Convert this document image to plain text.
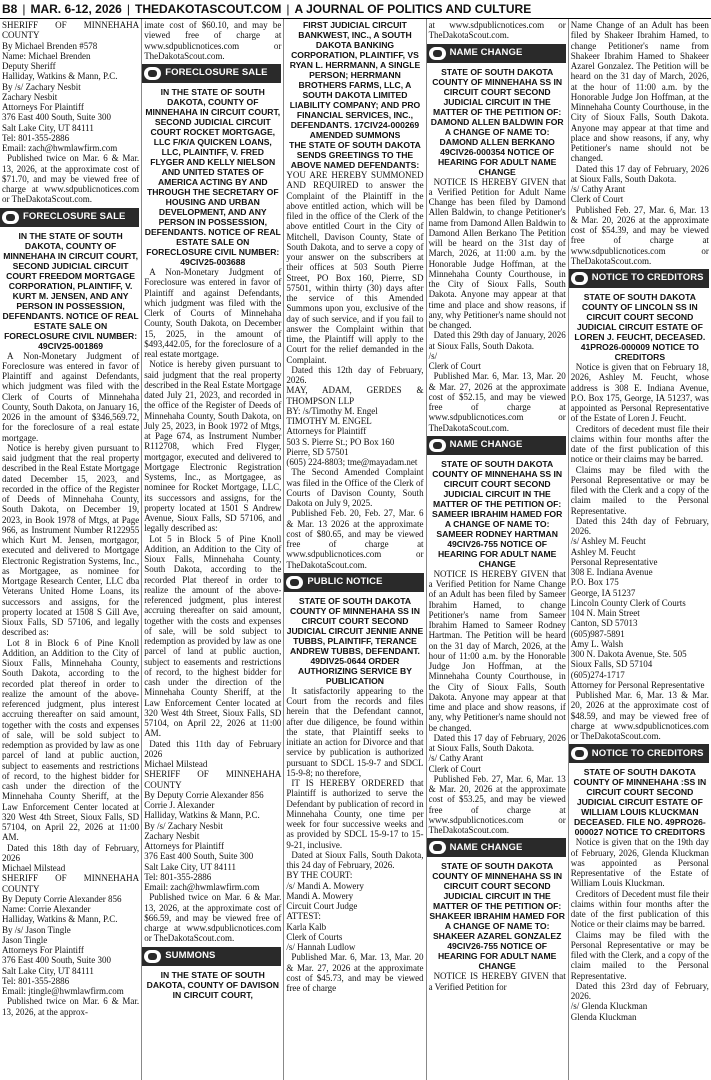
B8 | MAR. 6-12, 2026 | THEDAKOTASCOUT.COM | A JOURNAL OF POLITICS AND CULTURE

SHERIFF OF MINNEHAHA COUNTY

By Michael Brenden #578

Name: Michael Brenden

Deputy Sheriff

Halliday, Watkins & Mann, P.C.

By /s/ Zachary Nesbit

Zachary Nesbit

Attorneys For Plaintiff

376 East 400 South, Suite 300

Salt Lake City, UT 84111

Tel: 801-355-2886

Email: zach@hwmlawfirm.com

Published twice on Mar. 6 & Mar. 13, 2026, at the approximate cost of $71.70, and may be viewed free of charge at www.sdpublicnotices.com or TheDakotaScout.com.

FORECLOSURE SALE

IN THE STATE OF SOUTH DAKOTA, COUNTY OF MINNEHAHA IN CIRCUIT COURT, SECOND JUDICIAL CIRCUIT COURT FREEDOM MORTGAGE CORPORATION, PLAINTIFF, V. KURT M. JENSEN, AND ANY PERSON IN POSSESSION, DEFENDANTS. NOTICE OF REAL ESTATE SALE ON FORECLOSURE CIVIL NUMBER: 49CIV25-001869

A Non-Monetary Judgment of Foreclosure was entered in favor of Plaintiff and against Defendants, which judgment was filed with the Clerk of Courts of Minnehaha County, South Dakota, on January 16, 2026 in the amount of $346,569.72, for the foreclosure of a real estate mortgage.

Notice is hereby given pursuant to said judgment that the real property described in the Real Estate Mortgage dated December 15, 2023, and recorded in the office of the Register of Deeds of Minnehaha County, South Dakota, on December 19, 2023, in Book 1978 of Mtgs, at Page 966, as Instrument Number R122955 which Kurt M. Jensen, mortgagor, executed and delivered to Mortgage Electronic Registration Systems, Inc., as Mortgagee, as nominee for Mortgage Research Center, LLC dba Veterans United Home Loans, its successors and assigns, for the property located at 1508 S Gill Ave, Sioux Falls, SD 57106, and legally described as:

Lot 8 in Block 6 of Pine Knoll Addition, an Addition to the City of Sioux Falls, Minnehaha County, South Dakota, according to the recorded plat thereof in order to realize the amount of the above-referenced judgment, plus interest accruing thereafter on said amount, together with the costs and expenses of sale, will be sold subject to redemption as provided by law as one parcel of land at public auction, subject to easements and restrictions of record, to the highest bidder for cash under the direction of the Minnehaha County Sheriff, at the Law Enforcement Center located at 320 West 4th Street, Sioux Falls, SD 57104, on April 22, 2026 at 11:00 AM.

Dated this 18th day of February, 2026

Michael Milstead

SHERIFF OF MINNEHAHA COUNTY

By Deputy Corrie Alexander 856

Name: Corrie Alexander

Halliday, Watkins & Mann, P.C.

By /s/ Jason Tingle

Jason Tingle

Attorneys For Plaintiff

376 East 400 South, Suite 300

Salt Lake City, UT 84111

Tel: 801-355-2886

Email: jtingle@hwmlawfirm.com

Published twice on Mar. 6 & Mar. 13, 2026, at the approx-

imate cost of $60.10, and may be viewed free of charge at www.sdpublicnotices.com or TheDakotaScout.com.

FORECLOSURE SALE

IN THE STATE OF SOUTH DAKOTA, COUNTY OF MINNEHAHA IN CIRCUIT COURT, SECOND JUDICIAL CIRCUIT COURT ROCKET MORTGAGE, LLC F/K/A QUICKEN LOANS, LLC, PLAINTIFF, V. FRED FLYGER AND KELLY NIELSON AND UNITED STATES OF AMERICA ACTING BY AND THROUGH THE SECRETARY OF HOUSING AND URBAN DEVELOPMENT, AND ANY PERSON IN POSSESSION, DEFENDANTS. NOTICE OF REAL ESTATE SALE ON FORECLOSURE CIVIL NUMBER: 49CIV25-003688

A Non-Monetary Judgment of Foreclosure was entered in favor of Plaintiff and against Defendants, which judgment was filed with the Clerk of Courts of Minnehaha County, South Dakota, on December 15, 2025, in the amount of $493,442.05, for the foreclosure of a real estate mortgage.

Notice is hereby given pursuant to said judgment that the real property described in the Real Estate Mortgage dated July 21, 2023, and recorded in the office of the Register of Deeds of Minnehaha County, South Dakota, on July 25, 2023, in Book 1972 of Mtgs, at Page 674, as Instrument Number R112708, which Fred Flyger, mortgagor, executed and delivered to Mortgage Electronic Registration Systems, Inc., as Mortgagee, as nominee for Rocket Mortgage, LLC, its successors and assigns, for the property located at 1501 S Andrew Avenue, Sioux Falls, SD 57106, and legally described as:

Lot 5 in Block 5 of Pine Knoll Addition, an Addition to the City of Sioux Falls, Minnehaha County, South Dakota, according to the recorded Plat thereof in order to realize the amount of the above-referenced judgment, plus interest accruing thereafter on said amount, together with the costs and expenses of sale, will be sold subject to redemption as provided by law as one parcel of land at public auction, subject to easements and restrictions of record, to the highest bidder for cash under the direction of the Minnehaha County Sheriff, at the Law Enforcement Center located at 320 West 4th Street, Sioux Falls, SD 57104, on April 22, 2026 at 11:00 AM.

Dated this 11th day of February 2026

Michael Milstead

SHERIFF OF MINNEHAHA COUNTY

By Deputy Corrie Alexander 856

Corrie J. Alexander

Halliday, Watkins & Mann, P.C.

By /s/ Zachary Nesbit

Zachary Nesbit

Attorneys for Plaintiff

376 East 400 South, Suite 300

Salt Lake City, UT 84111

Tel: 801-355-2886

Email: zach@hwmlawfirm.com

Published twice on Mar. 6 & Mar. 13, 2026, at the approximate cost of $66.59, and may be viewed free of charge at www.sdpublicnotices.com or TheDakotaScout.com.

SUMMONS

IN THE STATE OF SOUTH DAKOTA, COUNTY OF DAVISON IN CIRCUIT COURT,

FIRST JUDICIAL CIRCUIT BANKWEST, INC., A SOUTH DAKOTA BANKING CORPORATION, PLAINTIFF, VS RYAN L. HERRMANN, A SINGLE PERSON; HERRMANN BROTHERS FARMS, LLC, A SOUTH DAKOTA LIMITED LIABILITY COMPANY; AND PRO FINANCIAL SERVICES, INC., DEFENDANTS. 17CIV24-000269 AMENDED SUMMONS

THE STATE OF SOUTH DAKOTA SENDS GREETINGS TO THE ABOVE NAMED DEFENDANTS:

YOU ARE HEREBY SUMMONED AND REQUIRED to answer the Complaint of the Plaintiff in the above entitled action, which will be filed in the office of the Clerk of the above entitled Court in the City of Mitchell, Davison County, State of South Dakota, and to serve a copy of your answer on the subscribers at their offices at 503 South Pierre Street, PO Box 160, Pierre, SD 57501, within thirty (30) days after the service of this Amended Summons upon you, exclusive of the day of such service, and if you fail to answer the Complaint within that time, the Plaintiff will apply to the Court for the relief demanded in the Complaint.

Dated this 12th day of February, 2026.

MAY, ADAM, GERDES & THOMPSON LLP

BY: /s/Timothy M. Engel

TIMOTHY M. ENGEL

Attorneys for Plaintiff

503 S. Pierre St.; PO Box 160

Pierre, SD 57501

(605) 224-8803; tme@mayadam.net

The Second Amended Complaint was filed in the Office of the Clerk of Courts of Davison County, South Dakota on July 9, 2025.

Published Feb. 20, Feb. 27, Mar. 6 & Mar. 13 2026 at the approximate cost of $80.65, and may be viewed free of charge at www.sdpublicnotices.com or TheDakotaScout.com.

PUBLIC NOTICE

STATE OF SOUTH DAKOTA COUNTY OF MINNEHAHA SS IN CIRCUIT COURT SECOND JUDICIAL CIRCUIT JENNIE ANNE TUBBS, PLAINTIFF, TERANCE ANDREW TUBBS, DEFENDANT. 49DIV25-0644 ORDER AUTHORIZING SERVICE BY PUBLICATION

It satisfactorily appearing to the Court from the records and files herein that the Defendant cannot, after due diligence, be found within the state, that Plaintiff seeks to initiate an action for Divorce and that service by publication is authorized pursuant to SDCL 15-9-7 and SDCL 15-9-8; no therefore,

IT IS HEREBY ORDERED that Plaintiff is authorized to serve the Defendant by publication of record in Minnehaha County, one time per week for four successive weeks and as provided by SDCL 15-9-17 to 15-9-21, inclusive.

Dated at Sioux Falls, South Dakota, this 24 day of February, 2026.

BY THE COURT:

/s/ Mandi A. Mowery

Mandi A. Mowery

Circuit Court Judge

ATTEST:

Karla Kalb

Clerk of Courts

/s/ Hannah Ludlow

Published Mar. 6, Mar. 13, Mar. 20 & Mar. 27, 2026 at the approximate cost of $45.73, and may be viewed free of charge

at www.sdpublicnotices.com or TheDakotaScout.com.

NAME CHANGE

STATE OF SOUTH DAKOTA COUNTY OF MINNEHAHA SS IN CIRCUIT COURT SECOND JUDICIAL CIRCUIT IN THE MATTER OF THE PETITION OF: DAMOND ALLEN BALDWIN FOR A CHANGE OF NAME TO: DAMOND ALLEN BERKANO 49CIV26-000354 NOTICE OF HEARING FOR ADULT NAME CHANGE

NOTICE IS HEREBY GIVEN that a Verified Petition for Adult Name Change has been filed by Damond Allen Baldwin, to change Petitioner's name from Damond Allen Baldwin to Damond Allen Berkano The Petition will be heard on the 31st day of March, 2026, at 11:00 a.m. by the Honorable Judge Hoffman, at the Minnehaha County Courthouse, in the City of Sioux Falls, South Dakota. Anyone may appear at that time and place and show reasons, if any, why Petitioner's name should not be changed.

Dated this 29th day of January, 2026 at Sioux Falls, South Dakota.

/s/

Clerk of Court

Published Mar. 6, Mar. 13, Mar. 20 & Mar. 27, 2026 at the approximate cost of $52.15, and may be viewed free of charge at www.sdpublicnotices.com or TheDakotaScout.com.

NAME CHANGE

STATE OF SOUTH DAKOTA COUNTY OF MINNEHAHA SS IN CIRCUIT COURT SECOND JUDICIAL CIRCUIT IN THE MATTER OF THE PETITION OF: SAMEER IBRAHIM HAMED FOR A CHANGE OF NAME TO: SAMEER RODNEY HARTMAN 49CIV26-755 NOTICE OF HEARING FOR ADULT NAME CHANGE

NOTICE IS HEREBY GIVEN that a Verified Petition for Name Change of an Adult has been filed by Sameer Ibrahim Hamed, to change Petitioner's name from Sameer Ibrahim Hamed to Sameer Rodney Hartman. The Petition will be heard on the 31 day of March, 2026, at the hour of 11:00 a.m. by the Honorable Judge Jon Hoffman, at the Minnehaha County Courthouse, in the City of Sioux Falls, South Dakota. Anyone may appear at that time and place and show reasons, if any, why Petitioner's name should not be changed.

Dated this 17 day of February, 2026 at Sioux Falls, South Dakota.

/s/ Cathy Arant

Clerk of Court

Published Feb. 27, Mar. 6, Mar. 13 & Mar. 20, 2026 at the approximate cost of $53.25, and may be viewed free of charge at www.sdpublicnotices.com or TheDakotaScout.com.

NAME CHANGE

STATE OF SOUTH DAKOTA COUNTY OF MINNEHAHA SS IN CIRCUIT COURT SECOND JUDICIAL CIRCUIT IN THE MATTER OF THE PETITION OF: SHAKEER IBRAHIM HAMED FOR A CHANGE OF NAME TO: SHAKEER AZAREL GONZALEZ 49CIV26-755 NOTICE OF HEARING FOR ADULT NAME CHANGE

NOTICE IS HEREBY GIVEN that a Verified Petition for

Name Change of an Adult has been filed by Shakeer Ibrahim Hamed, to change Petitioner's name from Shakeer Ibrahim Hamed to Shakeer Azarel Gonzalez. The Petition will be heard on the 31 day of March, 2026, at the hour of 11:00 a.m. by the Honorable Judge Jon Hoffman, at the Minnehaha County Courthouse, in the City of Sioux Falls, South Dakota. Anyone may appear at that time and place and show reasons, if any, why Petitioner's name should not be changed.

Dated this 17 day of February, 2026 at Sioux Falls, South Dakota.

/s/ Cathy Arant

Clerk of Court

Published Feb. 27, Mar. 6, Mar. 13 & Mar. 20, 2026 at the approximate cost of $54.39, and may be viewed free of charge at www.sdpublicnotices.com or TheDakotaScout.com.

NOTICE TO CREDITORS

STATE OF SOUTH DAKOTA COUNTY OF LINCOLN SS IN CIRCUIT COURT SECOND JUDICIAL CIRCUIT ESTATE OF LOREN J. FEUCHT, DECEASED. 41PRO26-000009 NOTICE TO CREDITORS

Notice is given that on February 18, 2026, Ashley M. Feucht, whose address is 308 E. Indiana Avenue, P.O. Box 175, George, IA 51237, was appointed as Personal Representative of the Estate of Loren J. Feucht.

Creditors of decedent must file their claims within four months after the date of the first publication of this notice or their claims may be barred.

Claims may be filed with the Personal Representative or may be filed with the Clerk and a copy of the claim mailed to the Personal Representative.

Dated this 24th day of February, 2026.

/s/ Ashley M. Feucht

Ashley M. Feucht

Personal Representative

308 E. Indiana Avenue

P.O. Box 175

George, IA 51237

Lincoln County Clerk of Courts

104 N. Main Street

Canton, SD 57013

(605)987-5891

Amy L. Walsh

300 N. Dakota Avenue, Ste. 505

Sioux Falls, SD 57104

(605)274-1717

Attorney for Personal Representative

Published Mar. 6, Mar. 13 & Mar. 20, 2026 at the approximate cost of $48.59, and may be viewed free of charge at www.sdpublicnotices.com or TheDakotaScout.com.

NOTICE TO CREDITORS

STATE OF SOUTH DAKOTA COUNTY OF MINNEHAHA :SS IN CIRCUIT COURT SECOND JUDICIAL CIRCUIT ESTATE OF WILLIAM LOUIS KLUCKMAN DECEASED. FILE NO. 49PRO26-000027 NOTICE TO CREDITORS

Notice is given that on the 19th day of February, 2026, Glenda Kluckman was appointed as Personal Representative of the Estate of William Louis Kluckman.

Creditors of Decedent must file their claims within four months after the date of the first publication of this Notice or their claims may be barred.

Claims may be filed with the Personal Representative or may be filed with the Clerk, and a copy of the claim mailed to the Personal Representative.

Dated this 23rd day of February, 2026.

/s/ Glenda Kluckman

Glenda Kluckman
